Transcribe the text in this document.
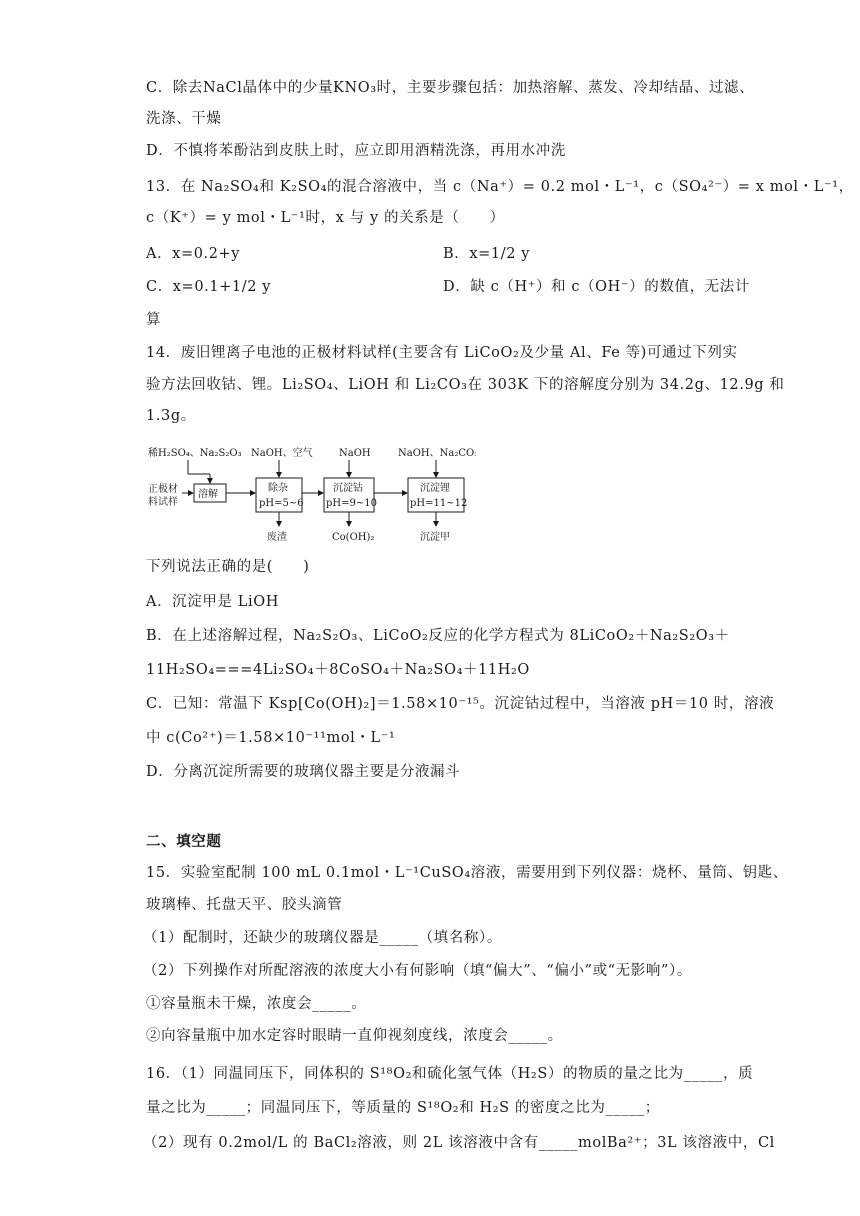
C．除去NaCl晶体中的少量KNO₃时，主要步骤包括：加热溶解、蒸发、冷却结晶、过滤、
洗涤、干燥
D．不慎将苯酚沾到皮肤上时，应立即用酒精洗涤，再用水冲洗
13．在 Na₂SO₄和 K₂SO₄的混合溶液中，当 c（Na⁺）= 0.2 mol・L⁻¹，c（SO₄²⁻）= x mol・L⁻¹，
c（K⁺）= y mol・L⁻¹时，x 与 y 的关系是（　　）
A．x=0.2+y	B．x=1/2 y
C．x=0.1+1/2 y	D．缺 c（H⁺）和 c（OH⁻）的数值，无法计
算
14．废旧锂离子电池的正极材料试样(主要含有 LiCoO₂及少量 Al、Fe 等)可通过下列实
验方法回收钴、锂。Li₂SO₄、LiOH 和 Li₂CO₃在 303K 下的溶解度分别为 34.2g、12.9g 和
1.3g。
稀H₂SO₄、Na₂S₂O₃ NaOH、空气	NaOH	NaOH、Na₂CO₃
正极材
料试样
溶解
除杂
pH=5~6
沉淀钴
pH=9~10
沉淀锂
pH=11~12
废渣	Co(OH)₂	沉淀甲
下列说法正确的是(　　)
A．沉淀甲是 LiOH
B．在上述溶解过程，Na₂S₂O₃、LiCoO₂反应的化学方程式为 8LiCoO₂＋Na₂S₂O₃＋
11H₂SO₄===4Li₂SO₄＋8CoSO₄＋Na₂SO₄＋11H₂O
C．已知：常温下 Ksp[Co(OH)₂]＝1.58×10⁻¹⁵。沉淀钴过程中，当溶液 pH＝10 时，溶液
中 c(Co²⁺)＝1.58×10⁻¹¹mol・L⁻¹
D．分离沉淀所需要的玻璃仪器主要是分液漏斗
二、填空题
15．实验室配制 100 mL 0.1mol・L⁻¹CuSO₄溶液，需要用到下列仪器：烧杯、量筒、钥匙、
玻璃棒、托盘天平、胶头滴管
（1）配制时，还缺少的玻璃仪器是_____（填名称）。
（2）下列操作对所配溶液的浓度大小有何影响（填“偏大”、“偏小”或“无影响”）。
①容量瓶未干燥，浓度会_____。
②向容量瓶中加水定容时眼睛一直仰视刻度线，浓度会_____。
16．（1）同温同压下，同体积的 S¹⁸O₂和硫化氢气体（H₂S）的物质的量之比为_____，质
量之比为_____；同温同压下，等质量的 S¹⁸O₂和 H₂S 的密度之比为_____；
（2）现有 0.2mol/L 的 BaCl₂溶液，则 2L 该溶液中含有_____molBa²⁺；3L 该溶液中，Cl
